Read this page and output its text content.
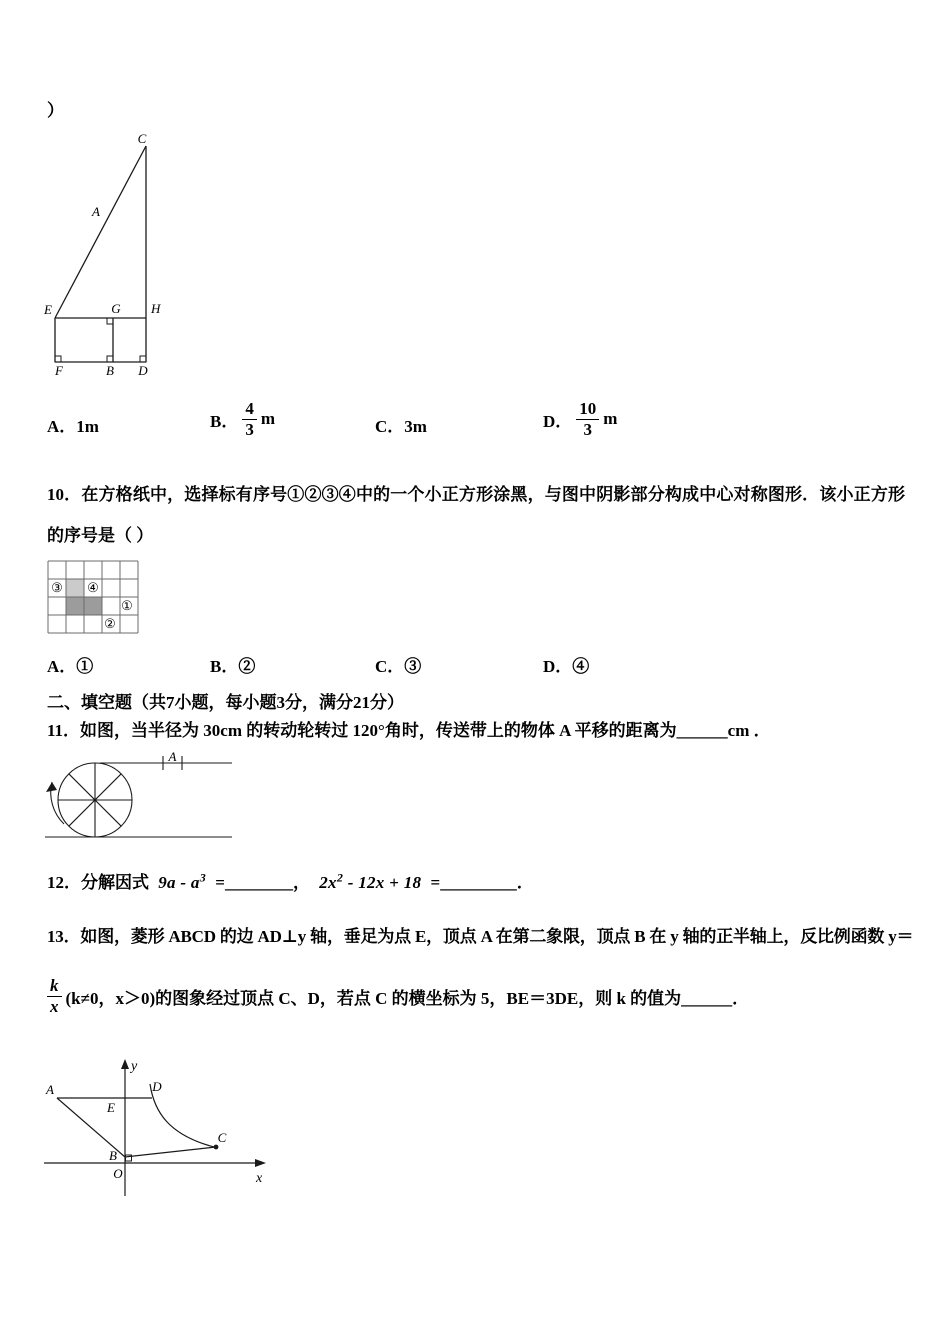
）
C
A
E	G H
F	B D
A．1m	B． $\frac{4}{3}$ m	C．3m	D． $\frac{10}{3}$ m
10．在方格纸中，选择标有序号①②③④中的一个小正方形涂黑，与图中阴影部分构成中心对称图形．该小正方形的序号是（ ）
③ ④
①
②
A．①	B．②	C．③	D．④
二、填空题（共7小题，每小题3分，满分21分）
11．如图，当半径为 30cm 的转动轮转过 120°角时，传送带上的物体 A 平移的距离为______cm ．
A
12．分解因式 $9a - a^3$ =________， $2x^2 - 12x + 18$ =_________．
13．如图，菱形 ABCD 的边 AD⊥y 轴，垂足为点 E，顶点 A 在第二象限，顶点 B 在 y 轴的正半轴上，反比例函数 y＝
$\frac{k}{x} (k\ne 0$，x＞0)的图象经过顶点 C、D，若点 C 的横坐标为 5，BE＝3DE，则 k 的值为______．
y
x
O
A
E
D
C
B
